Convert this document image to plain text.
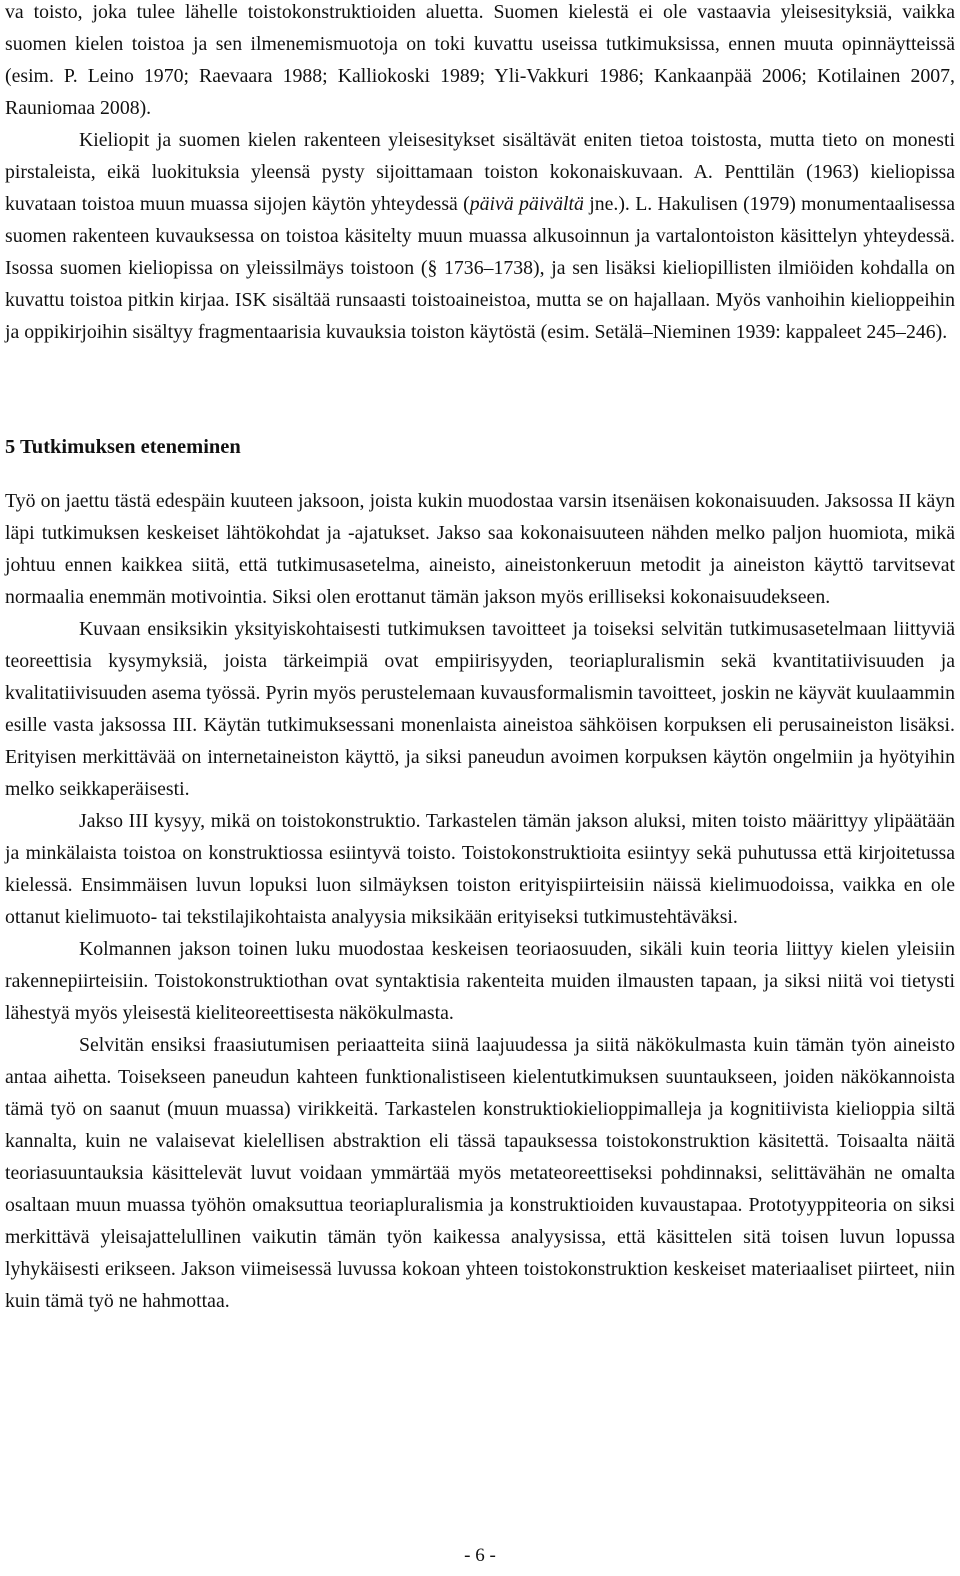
va toisto, joka tulee lähelle toistokonstruktioiden aluetta. Suomen kielestä ei ole vastaavia yleisesityksiä, vaikka suomen kielen toistoa ja sen ilmenemismuotoja on toki kuvattu useissa tutkimuksissa, ennen muuta opinnäytteissä (esim. P. Leino 1970; Raevaara 1988; Kalliokoski 1989; Yli-Vakkuri 1986; Kankaanpää 2006; Kotilainen 2007, Rauniomaa 2008).

Kieliopit ja suomen kielen rakenteen yleisesitykset sisältävät eniten tietoa toistosta, mutta tieto on monesti pirstaleista, eikä luokituksia yleensä pysty sijoittamaan toiston kokonaiskuvaan. A. Penttilän (1963) kieliopissa kuvataan toistoa muun muassa sijojen käytön yhteydessä (päivä päivältä jne.). L. Hakulisen (1979) monumentaalisessa suomen rakenteen kuvauksessa on toistoa käsitelty muun muassa alkusoinnun ja vartalontoiston käsittelyn yhteydessä. Isossa suomen kieliopissa on yleissilmäys toistoon (§ 1736–1738), ja sen lisäksi kieliopillisten ilmiöiden kohdalla on kuvattu toistoa pitkin kirjaa. ISK sisältää runsaasti toistoaineistoa, mutta se on hajallaan. Myös vanhoihin kielioppeihin ja oppikirjoihin sisältyy fragmentaarisia kuvauksia toiston käytöstä (esim. Setälä–Nieminen 1939: kappaleet 245–246).

5 Tutkimuksen eteneminen

Työ on jaettu tästä edespäin kuuteen jaksoon, joista kukin muodostaa varsin itsenäisen kokonaisuuden. Jaksossa II käyn läpi tutkimuksen keskeiset lähtökohdat ja -ajatukset. Jakso saa kokonaisuuteen nähden melko paljon huomiota, mikä johtuu ennen kaikkea siitä, että tutkimusasetelma, aineisto, aineistonkeruun metodit ja aineiston käyttö tarvitsevat normaalia enemmän motivointia. Siksi olen erottanut tämän jakson myös erilliseksi kokonaisuudekseen.

Kuvaan ensiksikin yksityiskohtaisesti tutkimuksen tavoitteet ja toiseksi selvitän tutkimusasetelmaan liittyviä teoreettisia kysymyksiä, joista tärkeimpiä ovat empiirisyyden, teoriapluralismin sekä kvantitatiivisuuden ja kvalitatiivisuuden asema työssä. Pyrin myös perustelemaan kuvausformalismin tavoitteet, joskin ne käyvät kuulaammin esille vasta jaksossa III. Käytän tutkimuksessani monenlaista aineistoa sähköisen korpuksen eli perusaineiston lisäksi. Erityisen merkittävää on internetaineiston käyttö, ja siksi paneudun avoimen korpuksen käytön ongelmiin ja hyötyihin melko seikkaperäisesti.

Jakso III kysyy, mikä on toistokonstruktio. Tarkastelen tämän jakson aluksi, miten toisto määrittyy ylipäätään ja minkälaista toistoa on konstruktiossa esiintyvä toisto. Toistokonstruktioita esiintyy sekä puhutussa että kirjoitetussa kielessä. Ensimmäisen luvun lopuksi luon silmäyksen toiston erityispiirteisiin näissä kielimuodoissa, vaikka en ole ottanut kielimuoto- tai tekstilajikohtaista analyysia miksikään erityiseksi tutkimustehtäväksi.

Kolmannen jakson toinen luku muodostaa keskeisen teoriaosuuden, sikäli kuin teoria liittyy kielen yleisiin rakennepiirteisiin. Toistokonstruktiothan ovat syntaktisia rakenteita muiden ilmausten tapaan, ja siksi niitä voi tietysti lähestyä myös yleisestä kieliteoreettisesta näkökulmasta.

Selvitän ensiksi fraasiutumisen periaatteita siinä laajuudessa ja siitä näkökulmasta kuin tämän työn aineisto antaa aihetta. Toisekseen paneudun kahteen funktionalistiseen kielentutkimuksen suuntaukseen, joiden näkökannoista tämä työ on saanut (muun muassa) virikkeitä. Tarkastelen konstruktiokielioppimalleja ja kognitiivista kielioppia siltä kannalta, kuin ne valaisevat kielellisen abstraktion eli tässä tapauksessa toistokonstruktion käsitettä. Toisaalta näitä teoriasuuntauksia käsittelevät luvut voidaan ymmärtää myös metateoreettiseksi pohdinnaksi, selittävähän ne omalta osaltaan muun muassa työhön omaksuttua teoriapluralismia ja konstruktioiden kuvaustapaa. Prototyyppiteoria on siksi merkittävä yleisajattelullinen vaikutin tämän työn kaikessa analyysissa, että käsittelen sitä toisen luvun lopussa lyhykäisesti erikseen. Jakson viimeisessä luvussa kokoan yhteen toistokonstruktion keskeiset materiaaliset piirteet, niin kuin tämä työ ne hahmottaa.

- 6 -
